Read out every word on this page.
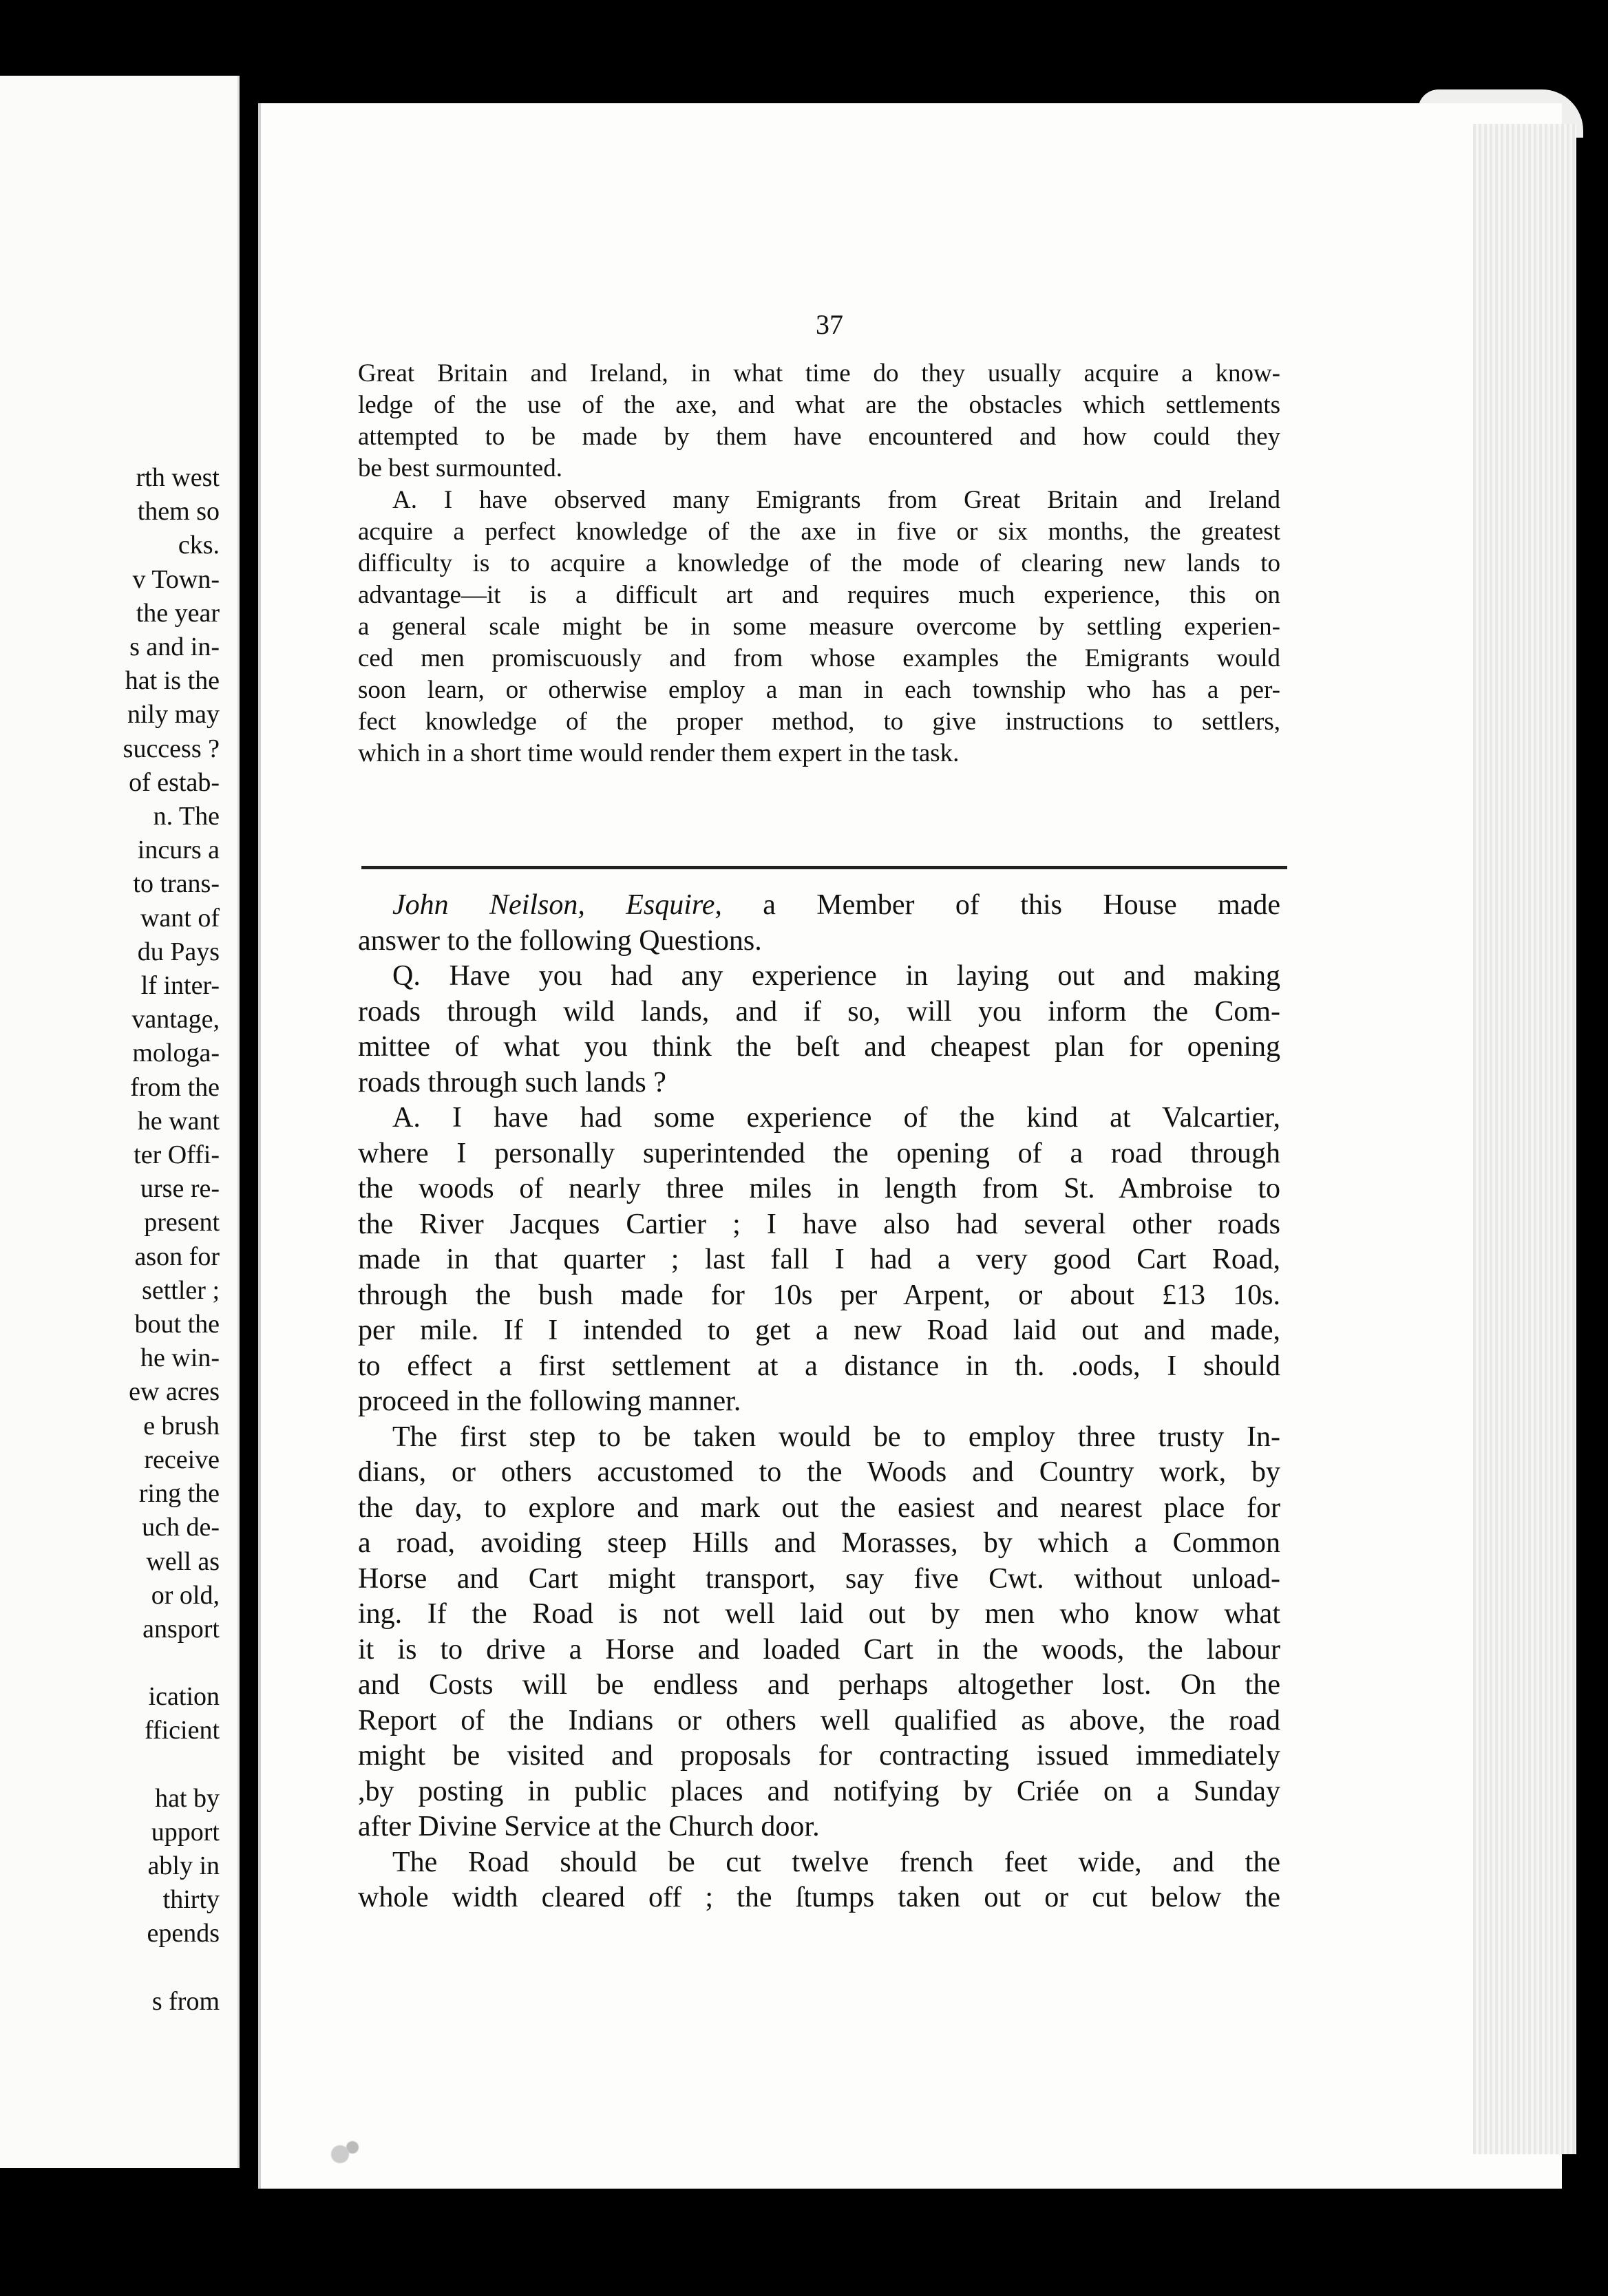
rth west
them so
cks.
v Town-
the year
s and in-
hat is the
nily may
success ?
of estab-
n. The
incurs a
to trans-
want of
du Pays
lf inter-
vantage,
mologa-
from the
he want
ter Offi-
urse re-
present
ason for
settler ;
bout the
he win-
ew acres
e brush
receive
ring the
uch de-
well as
or old,
ansport
ication
fficient
hat by
upport
ably in
thirty
epends
s from
37
Great Britain and Ireland, in what time do they usually acquire a know-
ledge of the use of the axe, and what are the obstacles which settlements
attempted to be made by them have encountered and how could they
be best surmounted.
A. I have observed many Emigrants from Great Britain and Ireland
acquire a perfect knowledge of the axe in five or six months, the greatest
difficulty is to acquire a knowledge of the mode of clearing new lands to
advantage—it is a difficult art and requires much experience, this on
a general scale might be in some measure overcome by settling experien-
ced men promiscuously and from whose examples the Emigrants would
soon learn, or otherwise employ a man in each township who has a per-
fect knowledge of the proper method, to give instructions to settlers,
which in a short time would render them expert in the task.
John Neilson, Esquire, a Member of this House made
answer to the following Questions.
Q. Have you had any experience in laying out and making
roads through wild lands, and if so, will you inform the Com-
mittee of what you think the beſt and cheapest plan for opening
roads through such lands ?
A. I have had some experience of the kind at Valcartier,
where I personally superintended the opening of a road through
the woods of nearly three miles in length from St. Ambroise to
the River Jacques Cartier ; I have also had several other roads
made in that quarter ; last fall I had a very good Cart Road,
through the bush made for 10s per Arpent, or about £13 10s.
per mile. If I intended to get a new Road laid out and made,
to effect a first settlement at a distance in th. .oods, I should
proceed in the following manner.
The first step to be taken would be to employ three trusty In-
dians, or others accustomed to the Woods and Country work, by
the day, to explore and mark out the easiest and nearest place for
a road, avoiding steep Hills and Morasses, by which a Common
Horse and Cart might transport, say five Cwt. without unload-
ing. If the Road is not well laid out by men who know what
it is to drive a Horse and loaded Cart in the woods, the labour
and Costs will be endless and perhaps altogether lost. On the
Report of the Indians or others well qualified as above, the road
might be visited and proposals for contracting issued immediately
,by posting in public places and notifying by Criée on a Sunday
after Divine Service at the Church door.
The Road should be cut twelve french feet wide, and the
whole width cleared off ; the ſtumps taken out or cut below the
